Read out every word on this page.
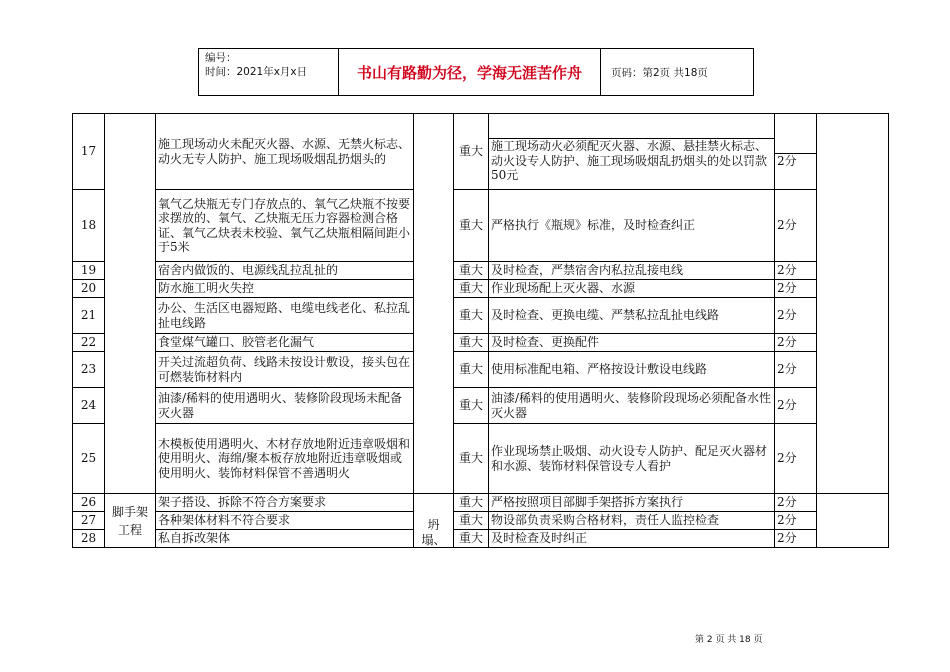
编号：
时间：2021年x月x日	书山有路勤为径，学海无涯苦作舟	页码：第2页 共18页
17		施工现场动火未配灭火器、水源、无禁火标志、动火无专人防护、施工现场吸烟乱扔烟头的		重大	施工现场动火必须配灭火器、水源、悬挂禁火标志、动火设专人防护、施工现场吸烟乱扔烟头的处以罚款50元	2分	

18		氧气乙炔瓶无专门存放点的、氧气乙炔瓶不按要求摆放的、氧气、乙炔瓶无压力容器检测合格证、氧气乙炔表未校验、氧气乙炔瓶相隔间距小于5米		重大	严格执行《瓶规》标准，及时检查纠正	2分	
19		宿舍内做饭的、电源线乱拉乱扯的		重大	及时检查，严禁宿舍内私拉乱接电线	2分	
20		防水施工明火失控		重大	作业现场配上灭火器、水源	2分	
21		办公、生活区电器短路、电缆电线老化、私拉乱扯电线路		重大	及时检查、更换电缆、严禁私拉乱扯电线路	2分	
22		食堂煤气罐口、胶管老化漏气		重大	及时检查、更换配件	2分	
23		开关过流超负荷、线路未按设计敷设，接头包在可燃装饰材料内		重大	使用标准配电箱、严格按设计敷设电线路	2分	
24		油漆/稀料的使用遇明火、装修阶段现场未配备灭火器		重大	油漆/稀料的使用遇明火、装修阶段现场必须配备水性灭火器	2分	
25		木模板使用遇明火、木材存放地附近违章吸烟和使用明火、海绵/聚本板存放地附近违章吸烟或使用明火、装饰材料保管不善遇明火		重大	作业现场禁止吸烟、动火设专人防护、配足灭火器材和水源、装饰材料保管设专人看护	2分	
26	脚手架工程	架子搭设、拆除不符合方案要求	坍塌、	重大	严格按照项目部脚手架搭拆方案执行	2分	
27		各种架体材料不符合要求		重大	物设部负责采购合格材料，责任人监控检查	2分	
28		私自拆改架体		重大	及时检查及时纠正	2分	
第 2 页 共 18 页
